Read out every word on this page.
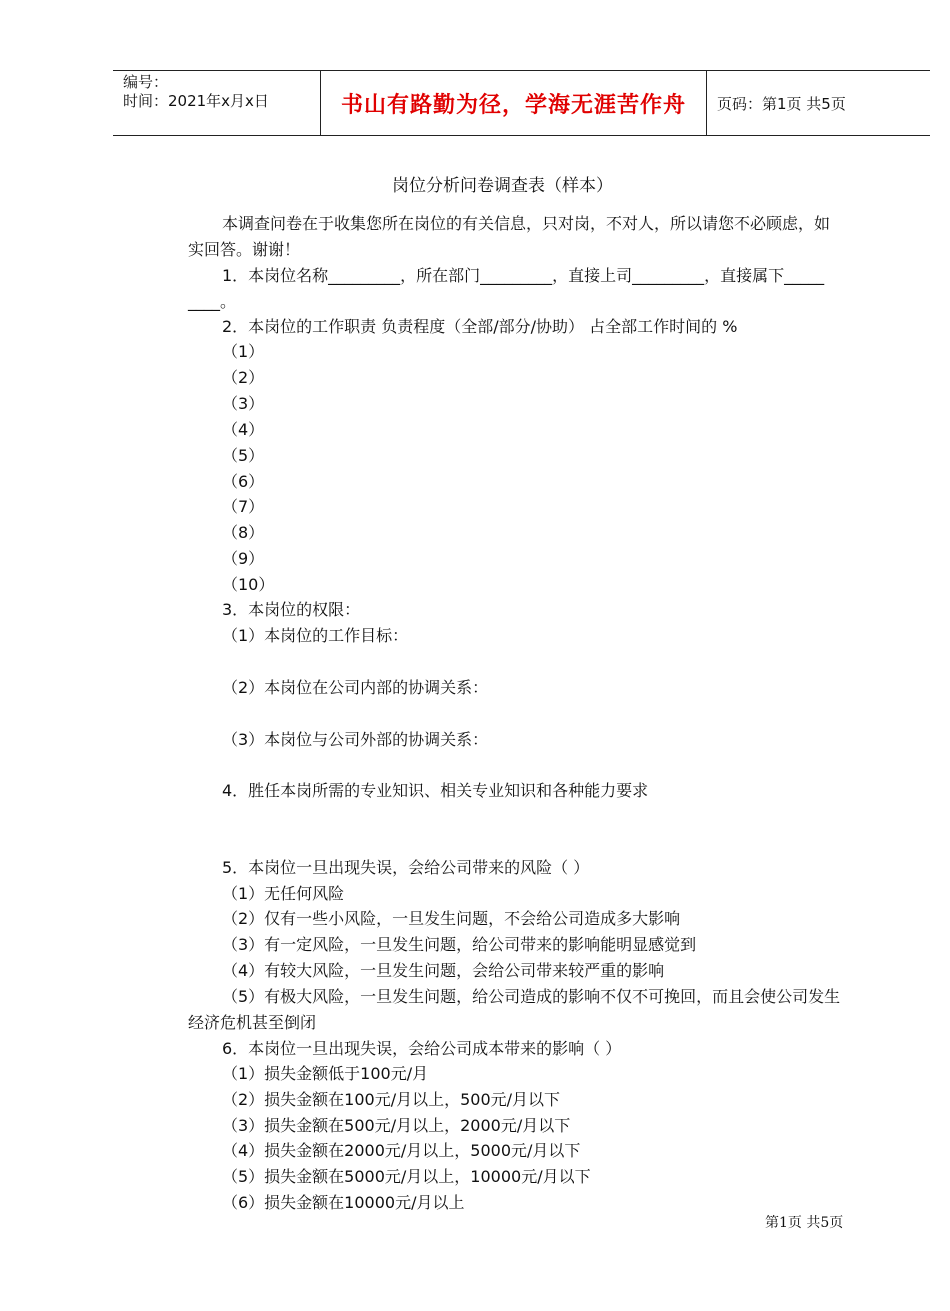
编号：
时间：2021年x月x日	书山有路勤为径，学海无涯苦作舟 页码：第1页 共5页
岗位分析问卷调查表（样本）
本调查问卷在于收集您所在岗位的有关信息，只对岗，不对人，所以请您不必顾虑，如
实回答。谢谢！
1．本岗位名称_________，所在部门_________，直接上司_________，直接属下_____
____。
2．本岗位的工作职责 负责程度（全部/部分/协助） 占全部工作时间的 %
（1）
（2）
（3）
（4）
（5）
（6）
（7）
（8）
（9）
（10）
3．本岗位的权限：
（1）本岗位的工作目标：
（2）本岗位在公司内部的协调关系：
（3）本岗位与公司外部的协调关系：
4．胜任本岗所需的专业知识、相关专业知识和各种能力要求
5．本岗位一旦出现失误，会给公司带来的风险（ ）
（1）无任何风险
（2）仅有一些小风险，一旦发生问题，不会给公司造成多大影响
（3）有一定风险，一旦发生问题，给公司带来的影响能明显感觉到
（4）有较大风险，一旦发生问题，会给公司带来较严重的影响
（5）有极大风险，一旦发生问题，给公司造成的影响不仅不可挽回，而且会使公司发生
经济危机甚至倒闭
6．本岗位一旦出现失误，会给公司成本带来的影响（ ）
（1）损失金额低于100元/月
（2）损失金额在100元/月以上，500元/月以下
（3）损失金额在500元/月以上，2000元/月以下
（4）损失金额在2000元/月以上，5000元/月以下
（5）损失金额在5000元/月以上，10000元/月以下
（6）损失金额在10000元/月以上
第1页 共5页
